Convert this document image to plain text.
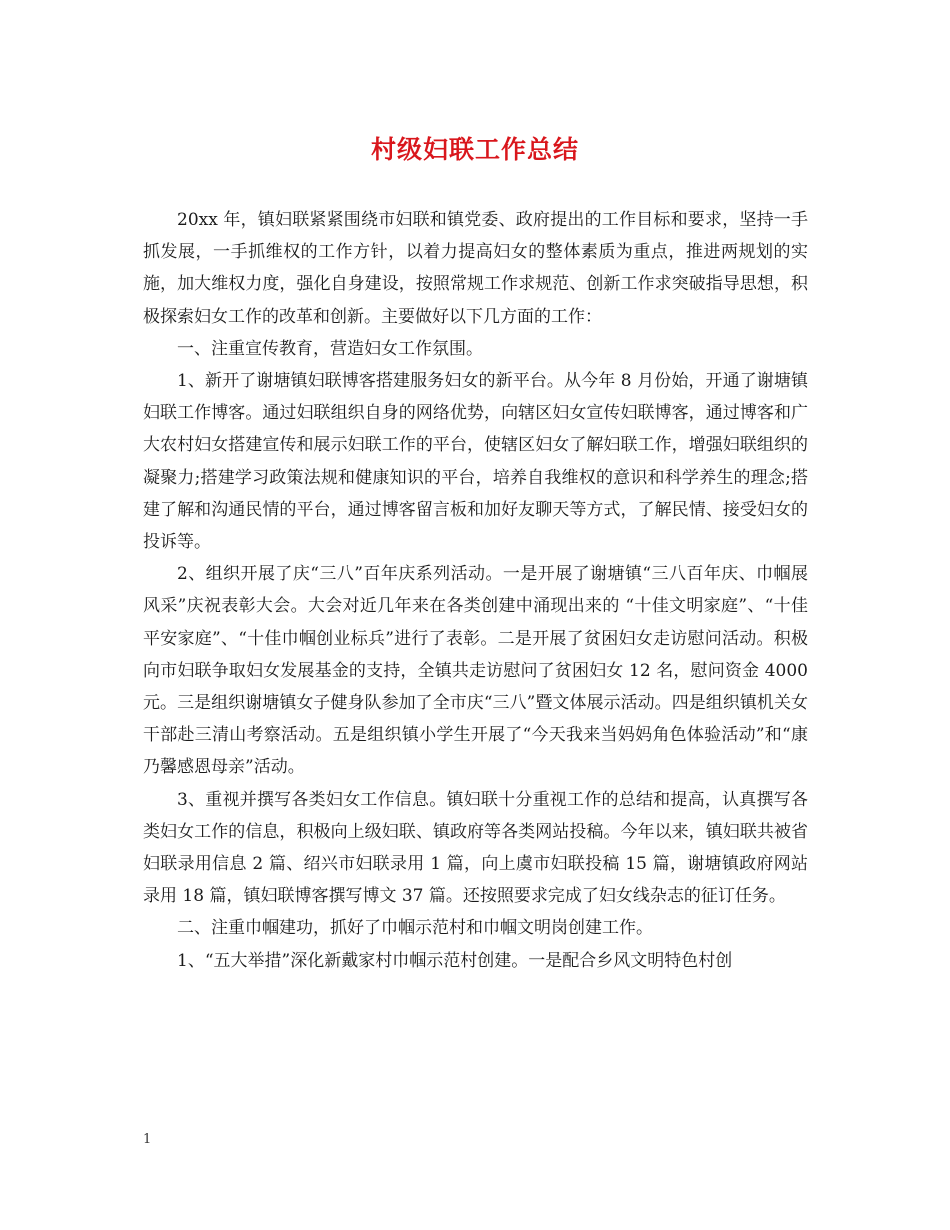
村级妇联工作总结

20xx 年，镇妇联紧紧围绕市妇联和镇党委、政府提出的工作目标和要求，坚持一手抓发展，一手抓维权的工作方针，以着力提高妇女的整体素质为重点，推进两规划的实施，加大维权力度，强化自身建设，按照常规工作求规范、创新工作求突破指导思想，积极探索妇女工作的改革和创新。主要做好以下几方面的工作：

一、注重宣传教育，营造妇女工作氛围。

1、新开了谢塘镇妇联博客搭建服务妇女的新平台。从今年 8 月份始，开通了谢塘镇妇联工作博客。通过妇联组织自身的网络优势，向辖区妇女宣传妇联博客，通过博客和广大农村妇女搭建宣传和展示妇联工作的平台，使辖区妇女了解妇联工作，增强妇联组织的凝聚力;搭建学习政策法规和健康知识的平台，培养自我维权的意识和科学养生的理念;搭建了解和沟通民情的平台，通过博客留言板和加好友聊天等方式，了解民情、接受妇女的投诉等。

2、组织开展了庆“三八”百年庆系列活动。一是开展了谢塘镇“三八百年庆、巾帼展风采”庆祝表彰大会。大会对近几年来在各类创建中涌现出来的 “十佳文明家庭”、“十佳平安家庭”、“十佳巾帼创业标兵”进行了表彰。二是开展了贫困妇女走访慰问活动。积极向市妇联争取妇女发展基金的支持，全镇共走访慰问了贫困妇女 12 名，慰问资金 4000 元。三是组织谢塘镇女子健身队参加了全市庆“三八”暨文体展示活动。四是组织镇机关女干部赴三清山考察活动。五是组织镇小学生开展了“今天我来当妈妈角色体验活动”和“康乃馨感恩母亲”活动。

3、重视并撰写各类妇女工作信息。镇妇联十分重视工作的总结和提高，认真撰写各类妇女工作的信息，积极向上级妇联、镇政府等各类网站投稿。今年以来，镇妇联共被省妇联录用信息 2 篇、绍兴市妇联录用 1 篇，向上虞市妇联投稿 15 篇，谢塘镇政府网站录用 18 篇，镇妇联博客撰写博文 37 篇。还按照要求完成了妇女线杂志的征订任务。

二、注重巾帼建功，抓好了巾帼示范村和巾帼文明岗创建工作。

1、“五大举措”深化新戴家村巾帼示范村创建。一是配合乡风文明特色村创

1
